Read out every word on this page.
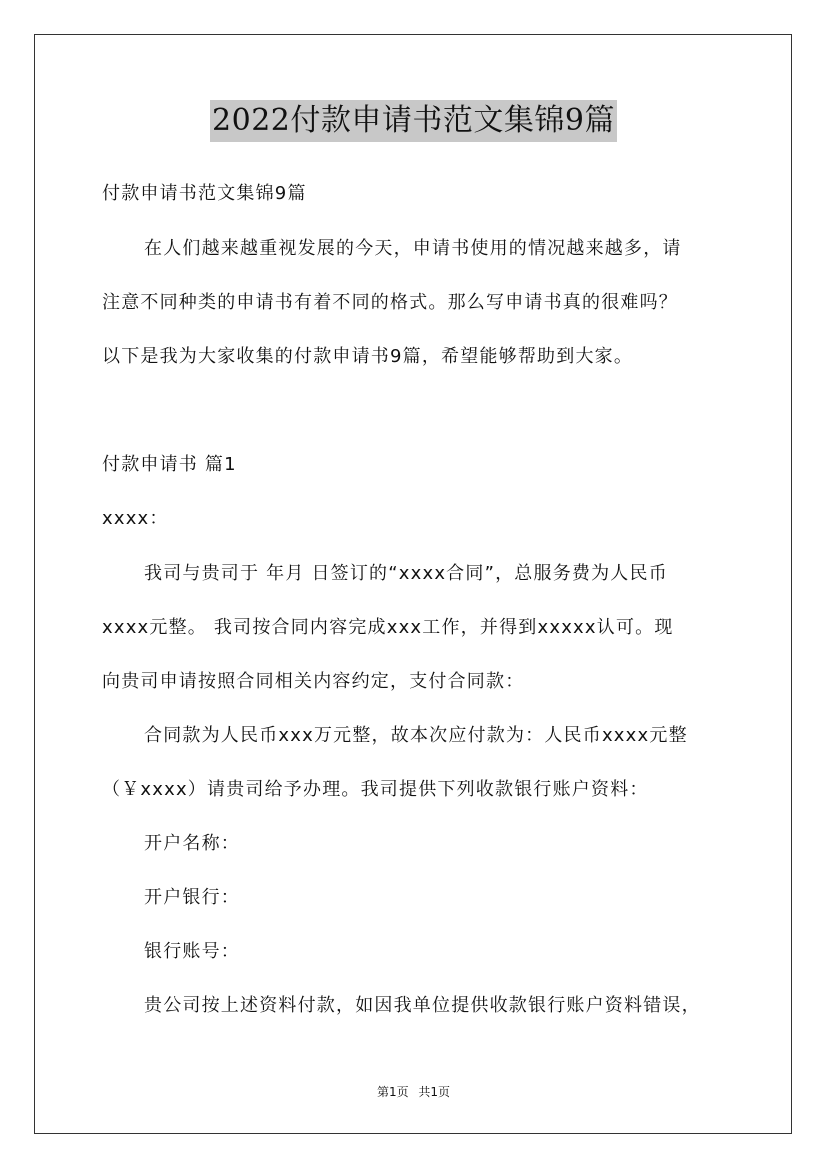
2022付款申请书范文集锦9篇
付款申请书范文集锦9篇
在人们越来越重视发展的今天，申请书使用的情况越来越多，请
注意不同种类的申请书有着不同的格式。那么写申请书真的很难吗？
以下是我为大家收集的付款申请书9篇，希望能够帮助到大家。
付款申请书 篇1
xxxx：
我司与贵司于 年月 日签订的“xxxx合同”，总服务费为人民币
xxxx元整。 我司按合同内容完成xxx工作，并得到xxxxx认可。现
向贵司申请按照合同相关内容约定，支付合同款：
合同款为人民币xxx万元整，故本次应付款为：人民币xxxx元整
（￥xxxx）请贵司给予办理。我司提供下列收款银行账户资料：
开户名称：
开户银行：
银行账号：
贵公司按上述资料付款，如因我单位提供收款银行账户资料错误，
第1页 共1页
